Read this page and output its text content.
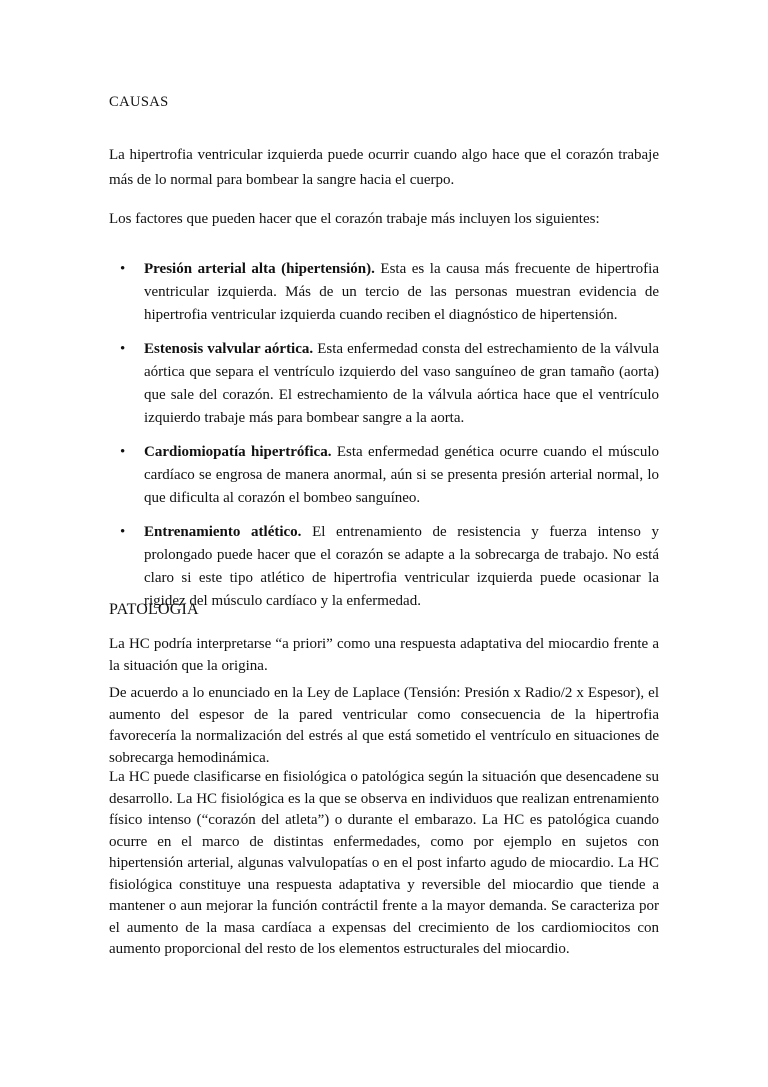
CAUSAS

La hipertrofia ventricular izquierda puede ocurrir cuando algo hace que el corazón trabaje más de lo normal para bombear la sangre hacia el cuerpo.

Los factores que pueden hacer que el corazón trabaje más incluyen los siguientes:

• Presión arterial alta (hipertensión). Esta es la causa más frecuente de hipertrofia ventricular izquierda. Más de un tercio de las personas muestran evidencia de hipertrofia ventricular izquierda cuando reciben el diagnóstico de hipertensión.
• Estenosis valvular aórtica. Esta enfermedad consta del estrechamiento de la válvula aórtica que separa el ventrículo izquierdo del vaso sanguíneo de gran tamaño (aorta) que sale del corazón. El estrechamiento de la válvula aórtica hace que el ventrículo izquierdo trabaje más para bombear sangre a la aorta.
• Cardiomiopatía hipertrófica. Esta enfermedad genética ocurre cuando el músculo cardíaco se engrosa de manera anormal, aún si se presenta presión arterial normal, lo que dificulta al corazón el bombeo sanguíneo.
• Entrenamiento atlético. El entrenamiento de resistencia y fuerza intenso y prolongado puede hacer que el corazón se adapte a la sobrecarga de trabajo. No está claro si este tipo atlético de hipertrofia ventricular izquierda puede ocasionar la rigidez del músculo cardíaco y la enfermedad.
PATOLOGIA

La HC podría interpretarse “a priori” como una respuesta adaptativa del miocardio frente a la situación que la origina.

De acuerdo a lo enunciado en la Ley de Laplace (Tensión: Presión x Radio/2 x Espesor), el aumento del espesor de la pared ventricular como consecuencia de la hipertrofia favorecería la normalización del estrés al que está sometido el ventrículo en situaciones de sobrecarga hemodinámica.

La HC puede clasificarse en fisiológica o patológica según la situación que desencadene su desarrollo. La HC fisiológica es la que se observa en individuos que realizan entrenamiento físico intenso (“corazón del atleta”) o durante el embarazo. La HC es patológica cuando ocurre en el marco de distintas enfermedades, como por ejemplo en sujetos con hipertensión arterial, algunas valvulopatías o en el post infarto agudo de miocardio. La HC fisiológica constituye una respuesta adaptativa y reversible del miocardio que tiende a mantener o aun mejorar la función contráctil frente a la mayor demanda. Se caracteriza por el aumento de la masa cardíaca a expensas del crecimiento de los cardiomiocitos con aumento proporcional del resto de los elementos estructurales del miocardio.
